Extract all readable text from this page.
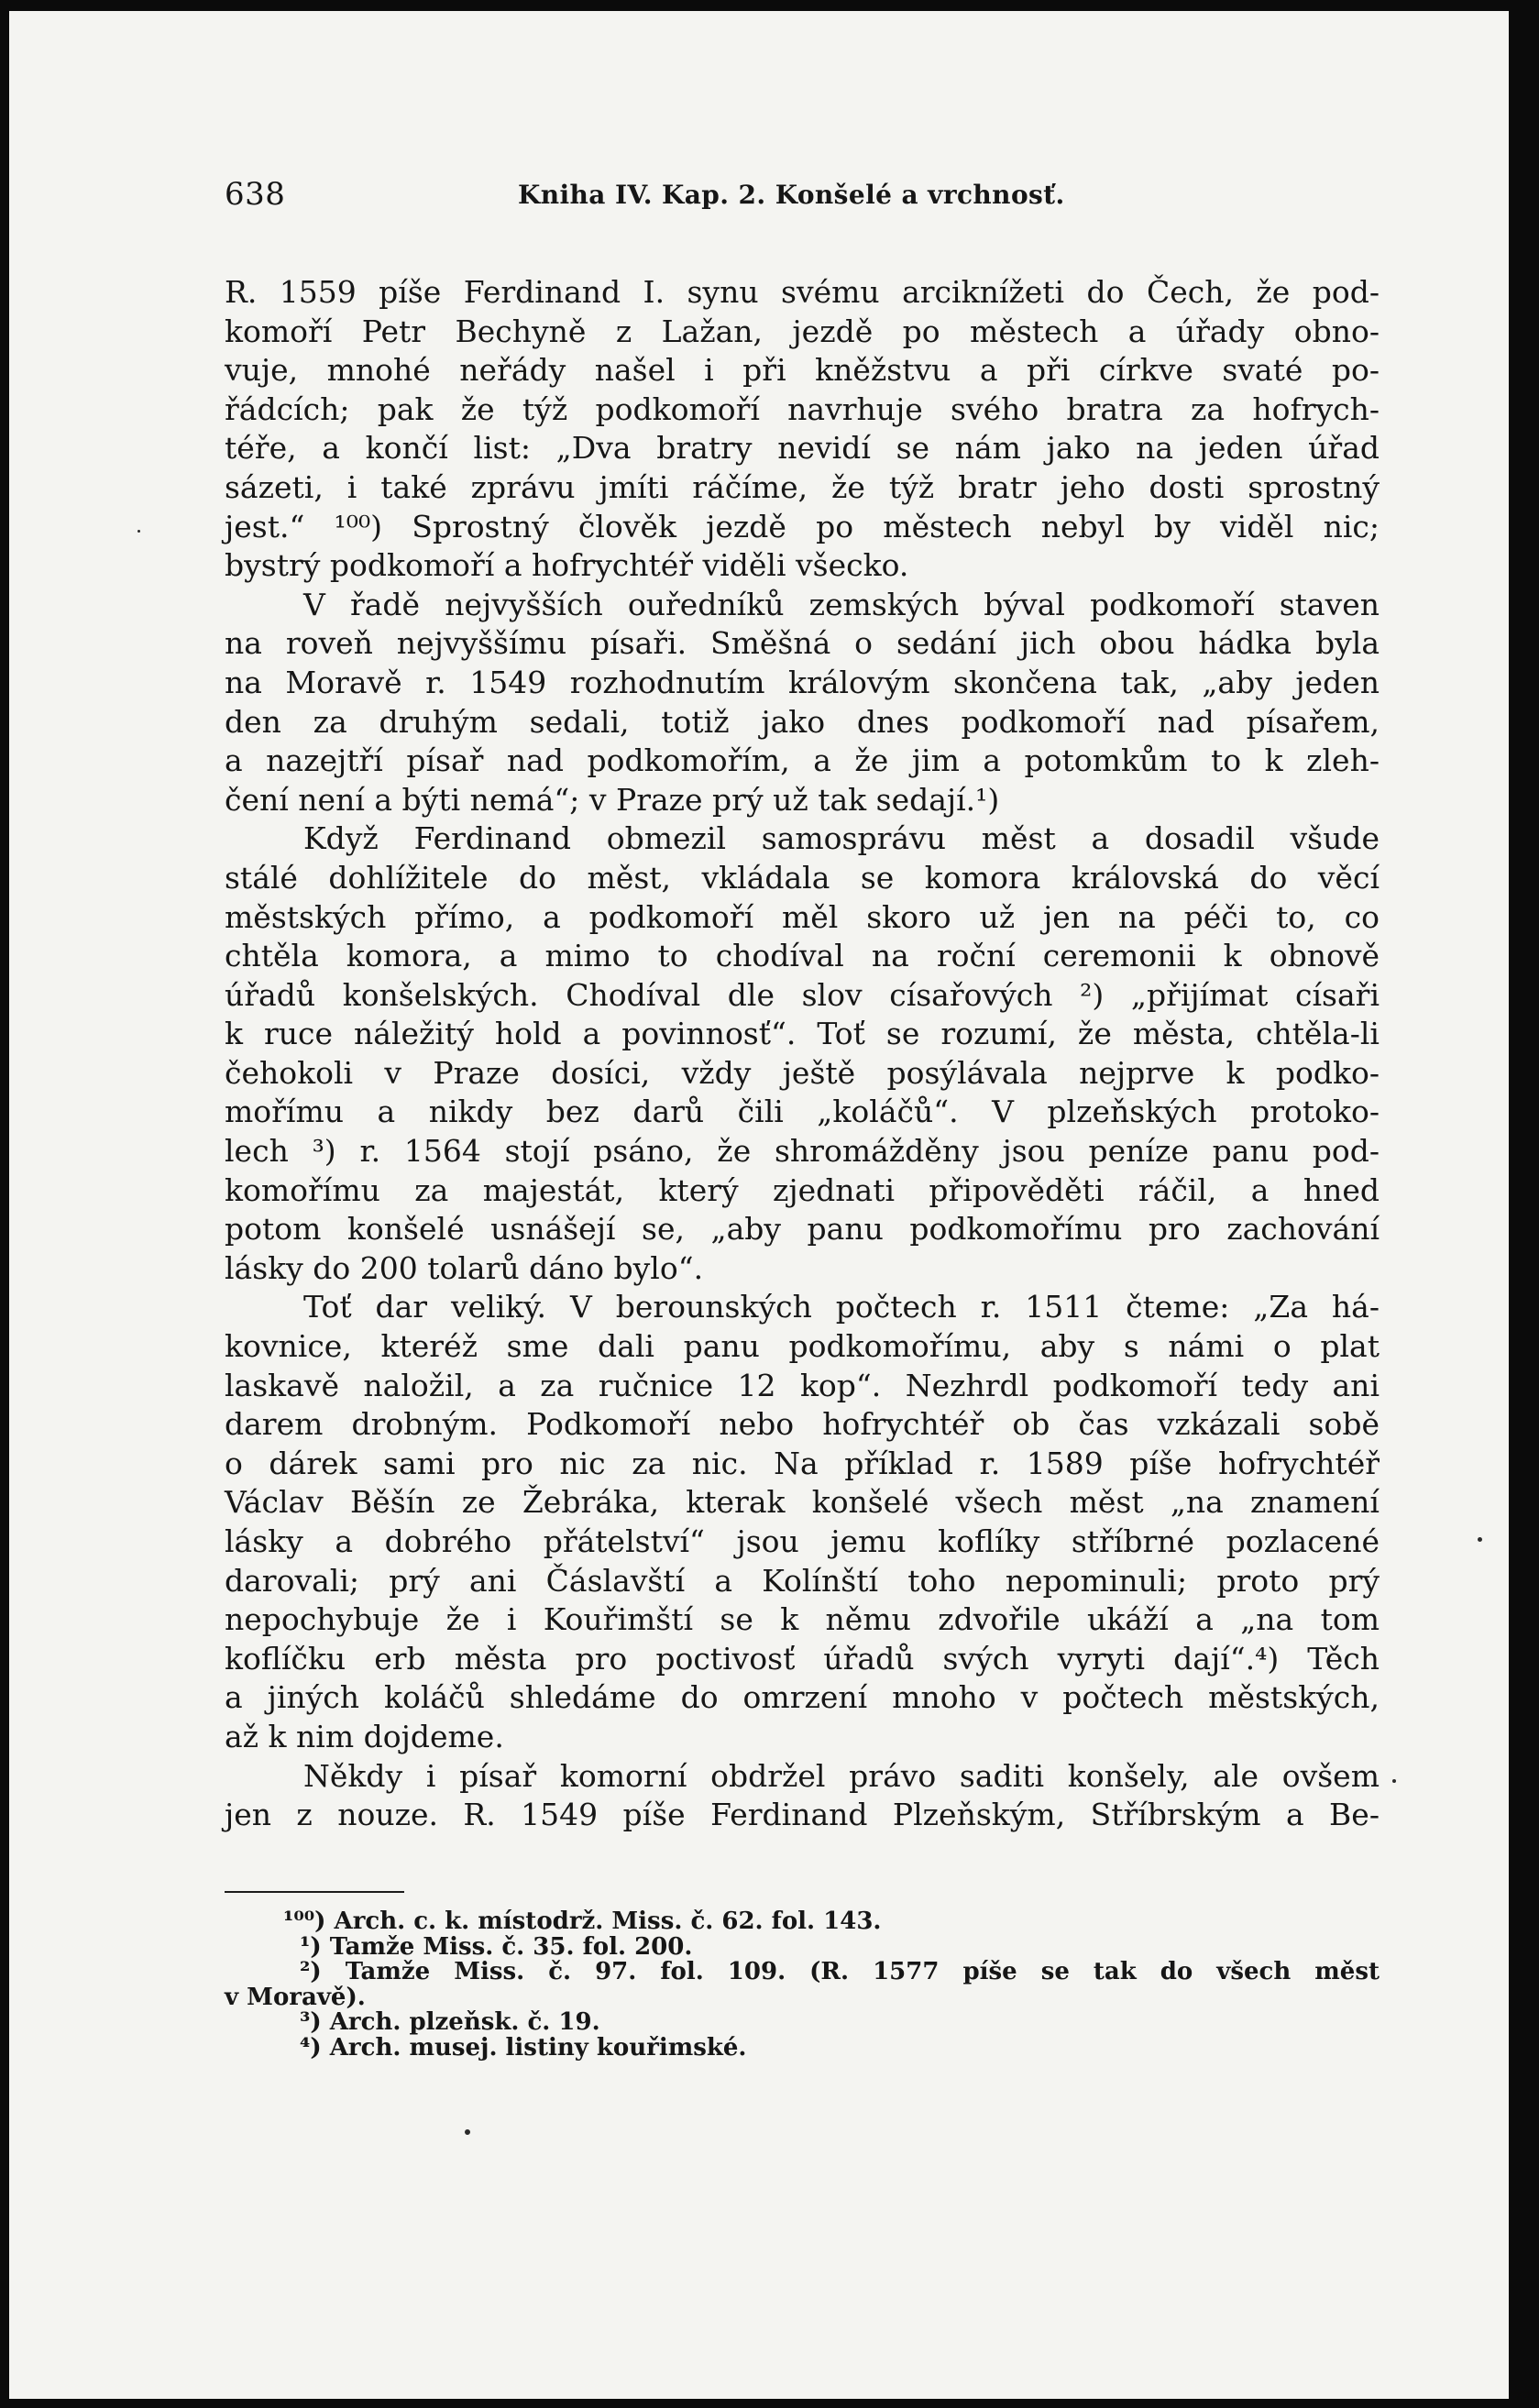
638	Kniha IV. Kap. 2. Konšelé a vrchnosť.
R. 1559 píše Ferdinand I. synu svému arciknížeti do Čech, že pod-
komoří Petr Bechyně z Lažan, jezdě po městech a úřady obno-
vuje, mnohé neřády našel i při kněžstvu a při církve svaté po-
řádcích; pak že týž podkomoří navrhuje svého bratra za hofrych-
téře, a končí list: „Dva bratry nevidí se nám jako na jeden úřad
sázeti, i také zprávu jmíti ráčíme, že týž bratr jeho dosti sprostný
jest.“ ¹⁰⁰) Sprostný člověk jezdě po městech nebyl by viděl nic;
bystrý podkomoří a hofrychtéř viděli všecko.
V řadě nejvyšších ouředníků zemských býval podkomoří staven
na roveň nejvyššímu písaři. Směšná o sedání jich obou hádka byla
na Moravě r. 1549 rozhodnutím královým skončena tak, „aby jeden
den za druhým sedali, totiž jako dnes podkomoří nad písařem,
a nazejtří písař nad podkomořím, a že jim a potomkům to k zleh-
čení není a býti nemá“; v Praze prý už tak sedají.¹)
Když Ferdinand obmezil samosprávu měst a dosadil všude
stálé dohlížitele do měst, vkládala se komora královská do věcí
městských přímo, a podkomoří měl skoro už jen na péči to, co
chtěla komora, a mimo to chodíval na roční ceremonii k obnově
úřadů konšelských. Chodíval dle slov císařových ²) „přijímat císaři
k ruce náležitý hold a povinnosť“. Toť se rozumí, že města, chtěla-li
čehokoli v Praze dosíci, vždy ještě posýlávala nejprve k podko-
mořímu a nikdy bez darů čili „koláčů“. V plzeňských protoko-
lech ³) r. 1564 stojí psáno, že shromážděny jsou peníze panu pod-
komořímu za majestát, který zjednati připověděti ráčil, a hned
potom konšelé usnášejí se, „aby panu podkomořímu pro zachování
lásky do 200 tolarů dáno bylo“.
Toť dar veliký. V berounských počtech r. 1511 čteme: „Za há-
kovnice, kteréž sme dali panu podkomořímu, aby s námi o plat
laskavě naložil, a za ručnice 12 kop“. Nezhrdl podkomoří tedy ani
darem drobným. Podkomoří nebo hofrychtéř ob čas vzkázali sobě
o dárek sami pro nic za nic. Na příklad r. 1589 píše hofrychtéř
Václav Běšín ze Žebráka, kterak konšelé všech měst „na znamení
lásky a dobrého přátelství“ jsou jemu koflíky stříbrné pozlacené
darovali; prý ani Čáslavští a Kolínští toho nepominuli; proto prý
nepochybuje že i Kouřimští se k němu zdvořile ukáží a „na tom
koflíčku erb města pro poctivosť úřadů svých vyryti dají“.⁴) Těch
a jiných koláčů shledáme do omrzení mnoho v počtech městských,
až k nim dojdeme.
Někdy i písař komorní obdržel právo saditi konšely, ale ovšem
jen z nouze. R. 1549 píše Ferdinand Plzeňským, Stříbrským a Be-
¹⁰⁰) Arch. c. k. místodrž. Miss. č. 62. fol. 143.
¹) Tamže Miss. č. 35. fol. 200.
²) Tamže Miss. č. 97. fol. 109. (R. 1577 píše se tak do všech měst
v Moravě).
³) Arch. plzeňsk. č. 19.
⁴) Arch. musej. listiny kouřimské.
